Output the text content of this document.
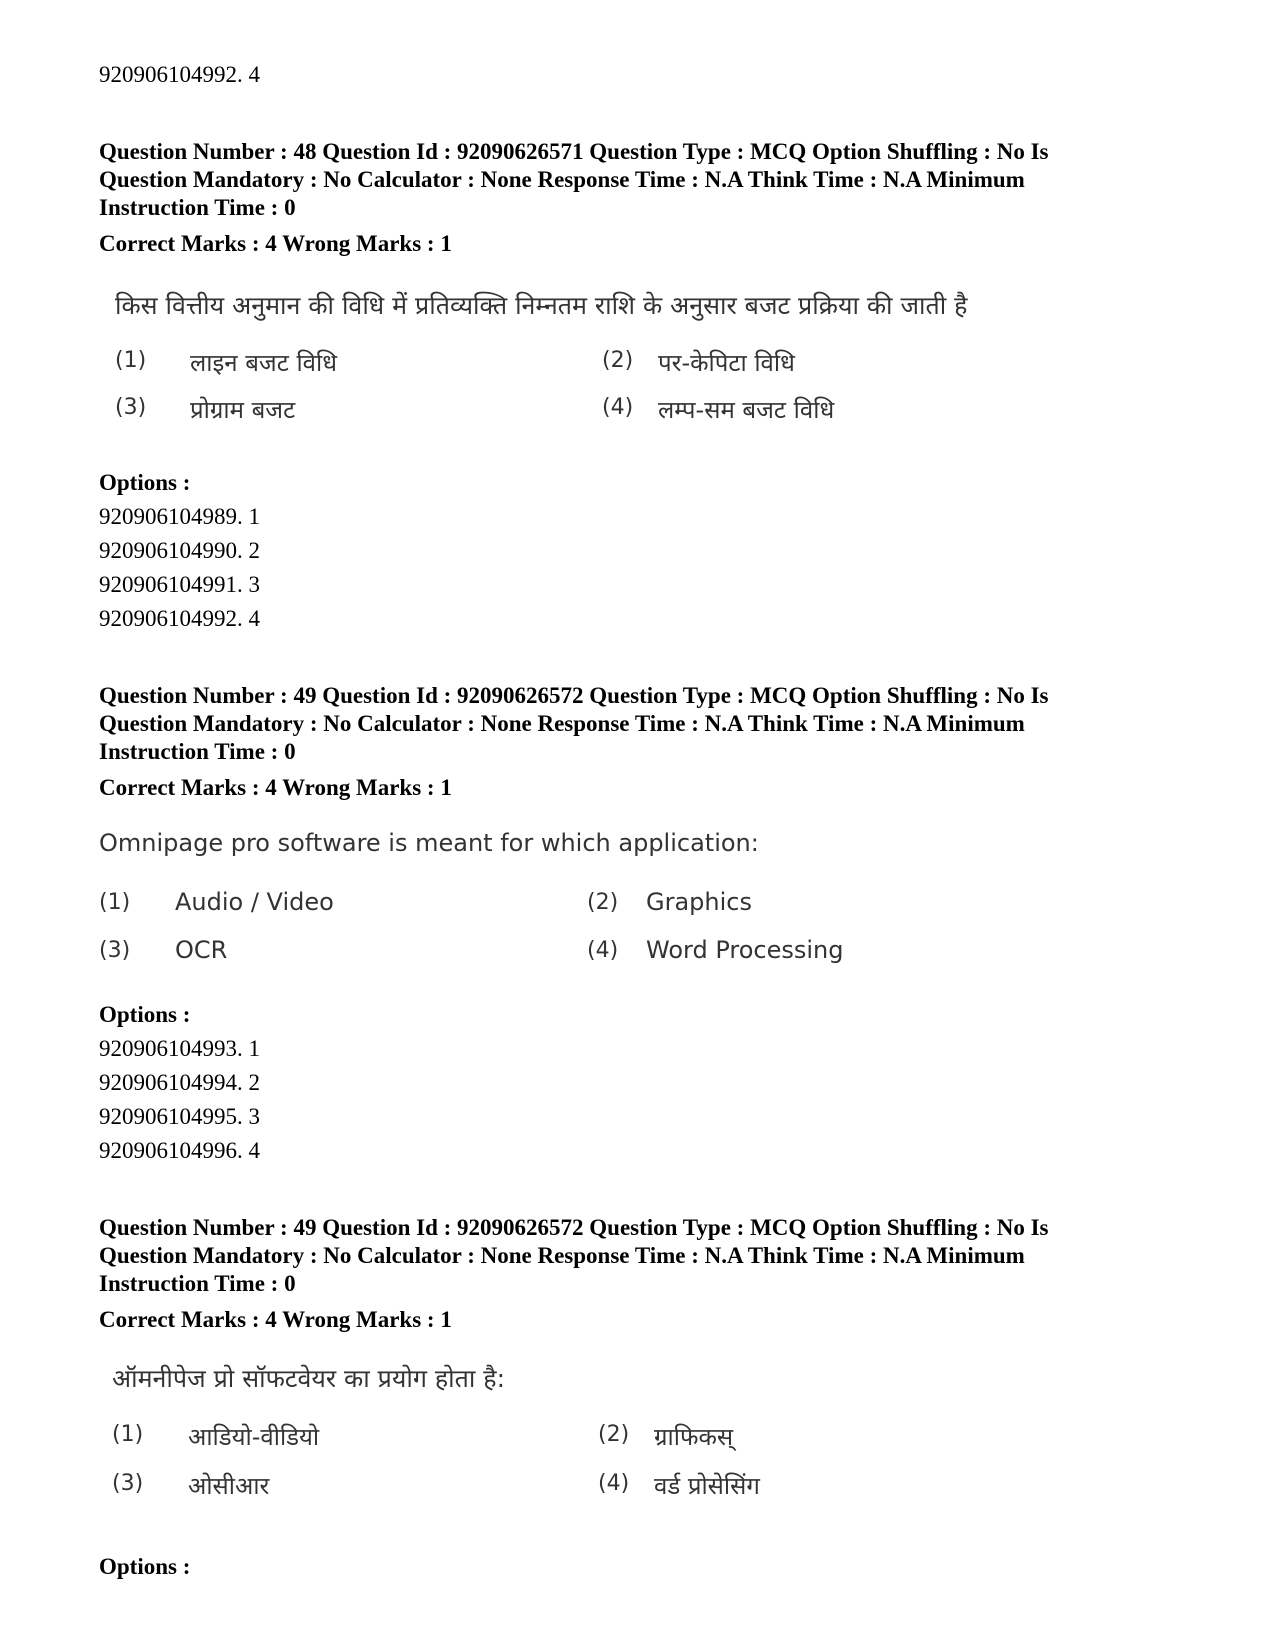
920906104992. 4
Question Number : 48 Question Id : 92090626571 Question Type : MCQ Option Shuffling : No Is
Question Mandatory : No Calculator : None Response Time : N.A Think Time : N.A Minimum
Instruction Time : 0
Correct Marks : 4 Wrong Marks : 1
किस वित्तीय अनुमान की विधि में प्रतिव्यक्ति निम्नतम राशि के अनुसार बजट प्रक्रिया की जाती है
(1) लाइन बजट विधि	(2) पर-केपिटा विधि
(3) प्रोग्राम बजट	(4) लम्प-सम बजट विधि
Options :
920906104989. 1
920906104990. 2
920906104991. 3
920906104992. 4
Question Number : 49 Question Id : 92090626572 Question Type : MCQ Option Shuffling : No Is
Question Mandatory : No Calculator : None Response Time : N.A Think Time : N.A Minimum
Instruction Time : 0
Correct Marks : 4 Wrong Marks : 1
Omnipage pro software is meant for which application:
(1) Audio / Video	(2) Graphics
(3) OCR	(4) Word Processing
Options :
920906104993. 1
920906104994. 2
920906104995. 3
920906104996. 4
Question Number : 49 Question Id : 92090626572 Question Type : MCQ Option Shuffling : No Is
Question Mandatory : No Calculator : None Response Time : N.A Think Time : N.A Minimum
Instruction Time : 0
Correct Marks : 4 Wrong Marks : 1
ऑमनीपेज प्रो सॉफटवेयर का प्रयोग होता है:
(1) आडियो-वीडियो	(2) ग्राफिकस्
(3) ओसीआर	(4) वर्ड प्रोसेसिंग
Options :
